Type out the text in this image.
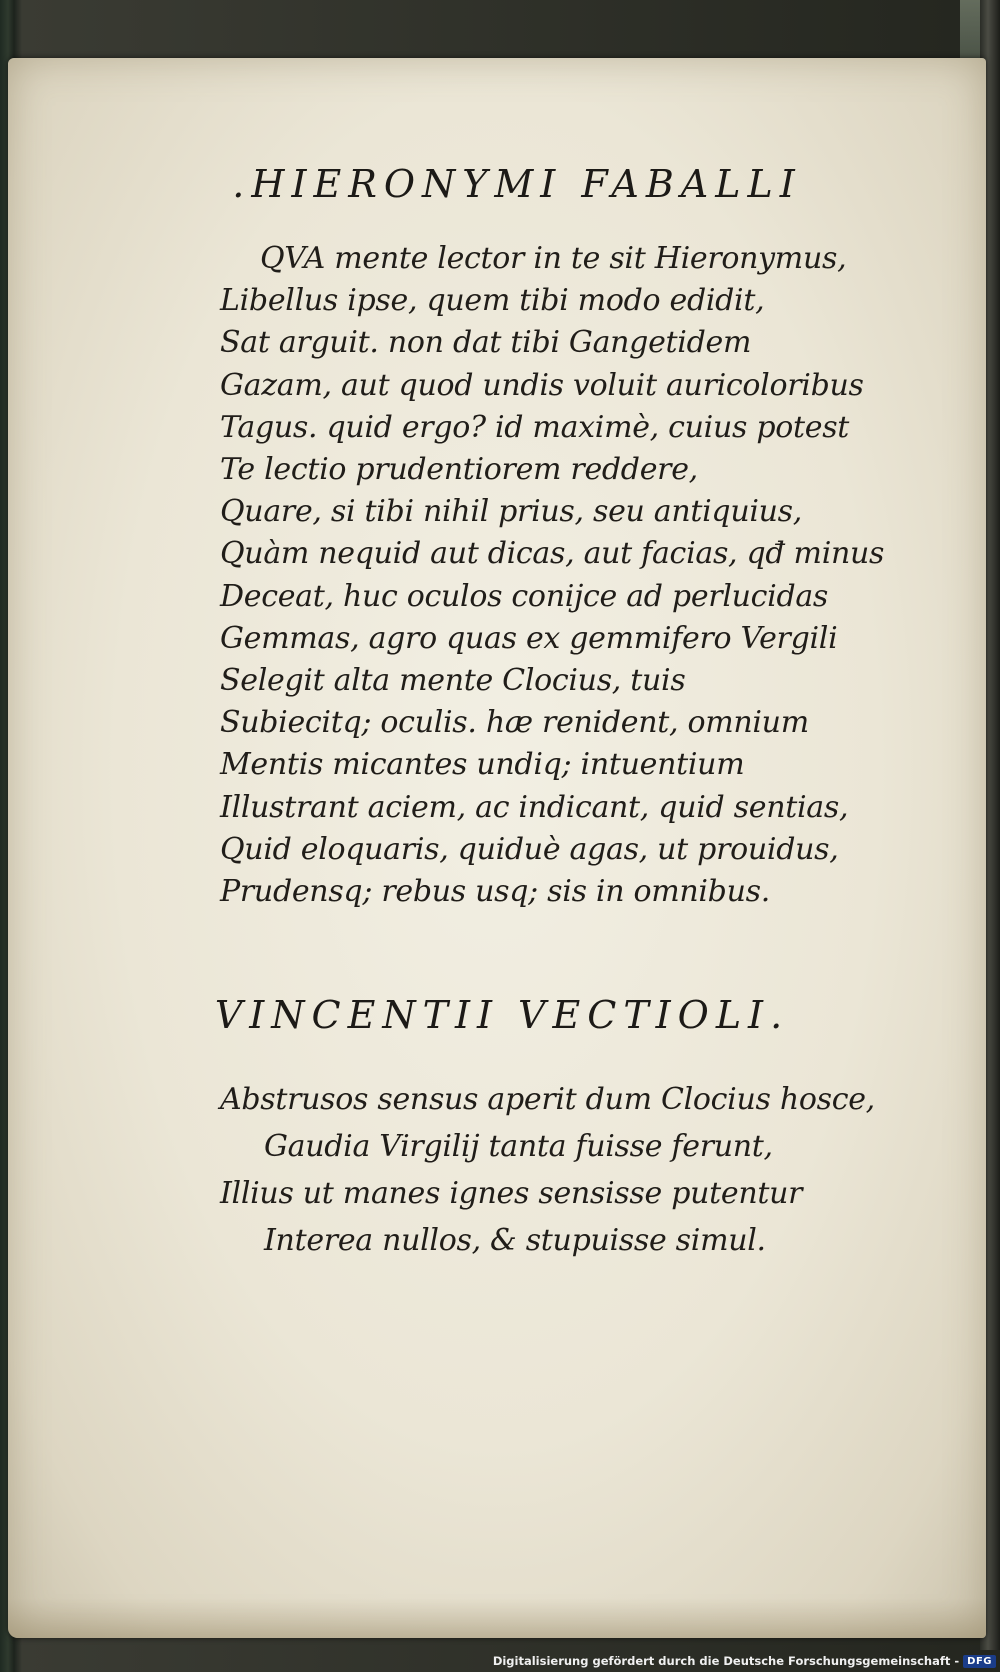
.HIERONYMI FABALLI
QVA mente lector in te sit Hieronymus,
Libellus ipse, quem tibi modo edidit,
Sat arguit. non dat tibi Gangetidem
Gazam, aut quod undis voluit auricoloribus
Tagus. quid ergo? id maximè, cuius potest
Te lectio prudentiorem reddere,
Quare, si tibi nihil prius, seu antiquius,
Quàm nequid aut dicas, aut facias, qđ minus
Deceat, huc oculos conijce ad perlucidas
Gemmas, agro quas ex gemmifero Vergili
Selegit alta mente Clocius, tuis
Subiecitq; oculis. hæ renident, omnium
Mentis micantes undiq; intuentium
Illustrant aciem, ac indicant, quid sentias,
Quid eloquaris, quiduè agas, ut prouidus,
Prudensq; rebus usq; sis in omnibus.
VINCENTII VECTIOLI.
Abstrusos sensus aperit dum Clocius hosce,
Gaudia Virgilij tanta fuisse ferunt,
Illius ut manes ignes sensisse putentur
Interea nullos, & stupuisse simul.
Digitalisierung gefördert durch die Deutsche Forschungsgemeinschaft - DFG
